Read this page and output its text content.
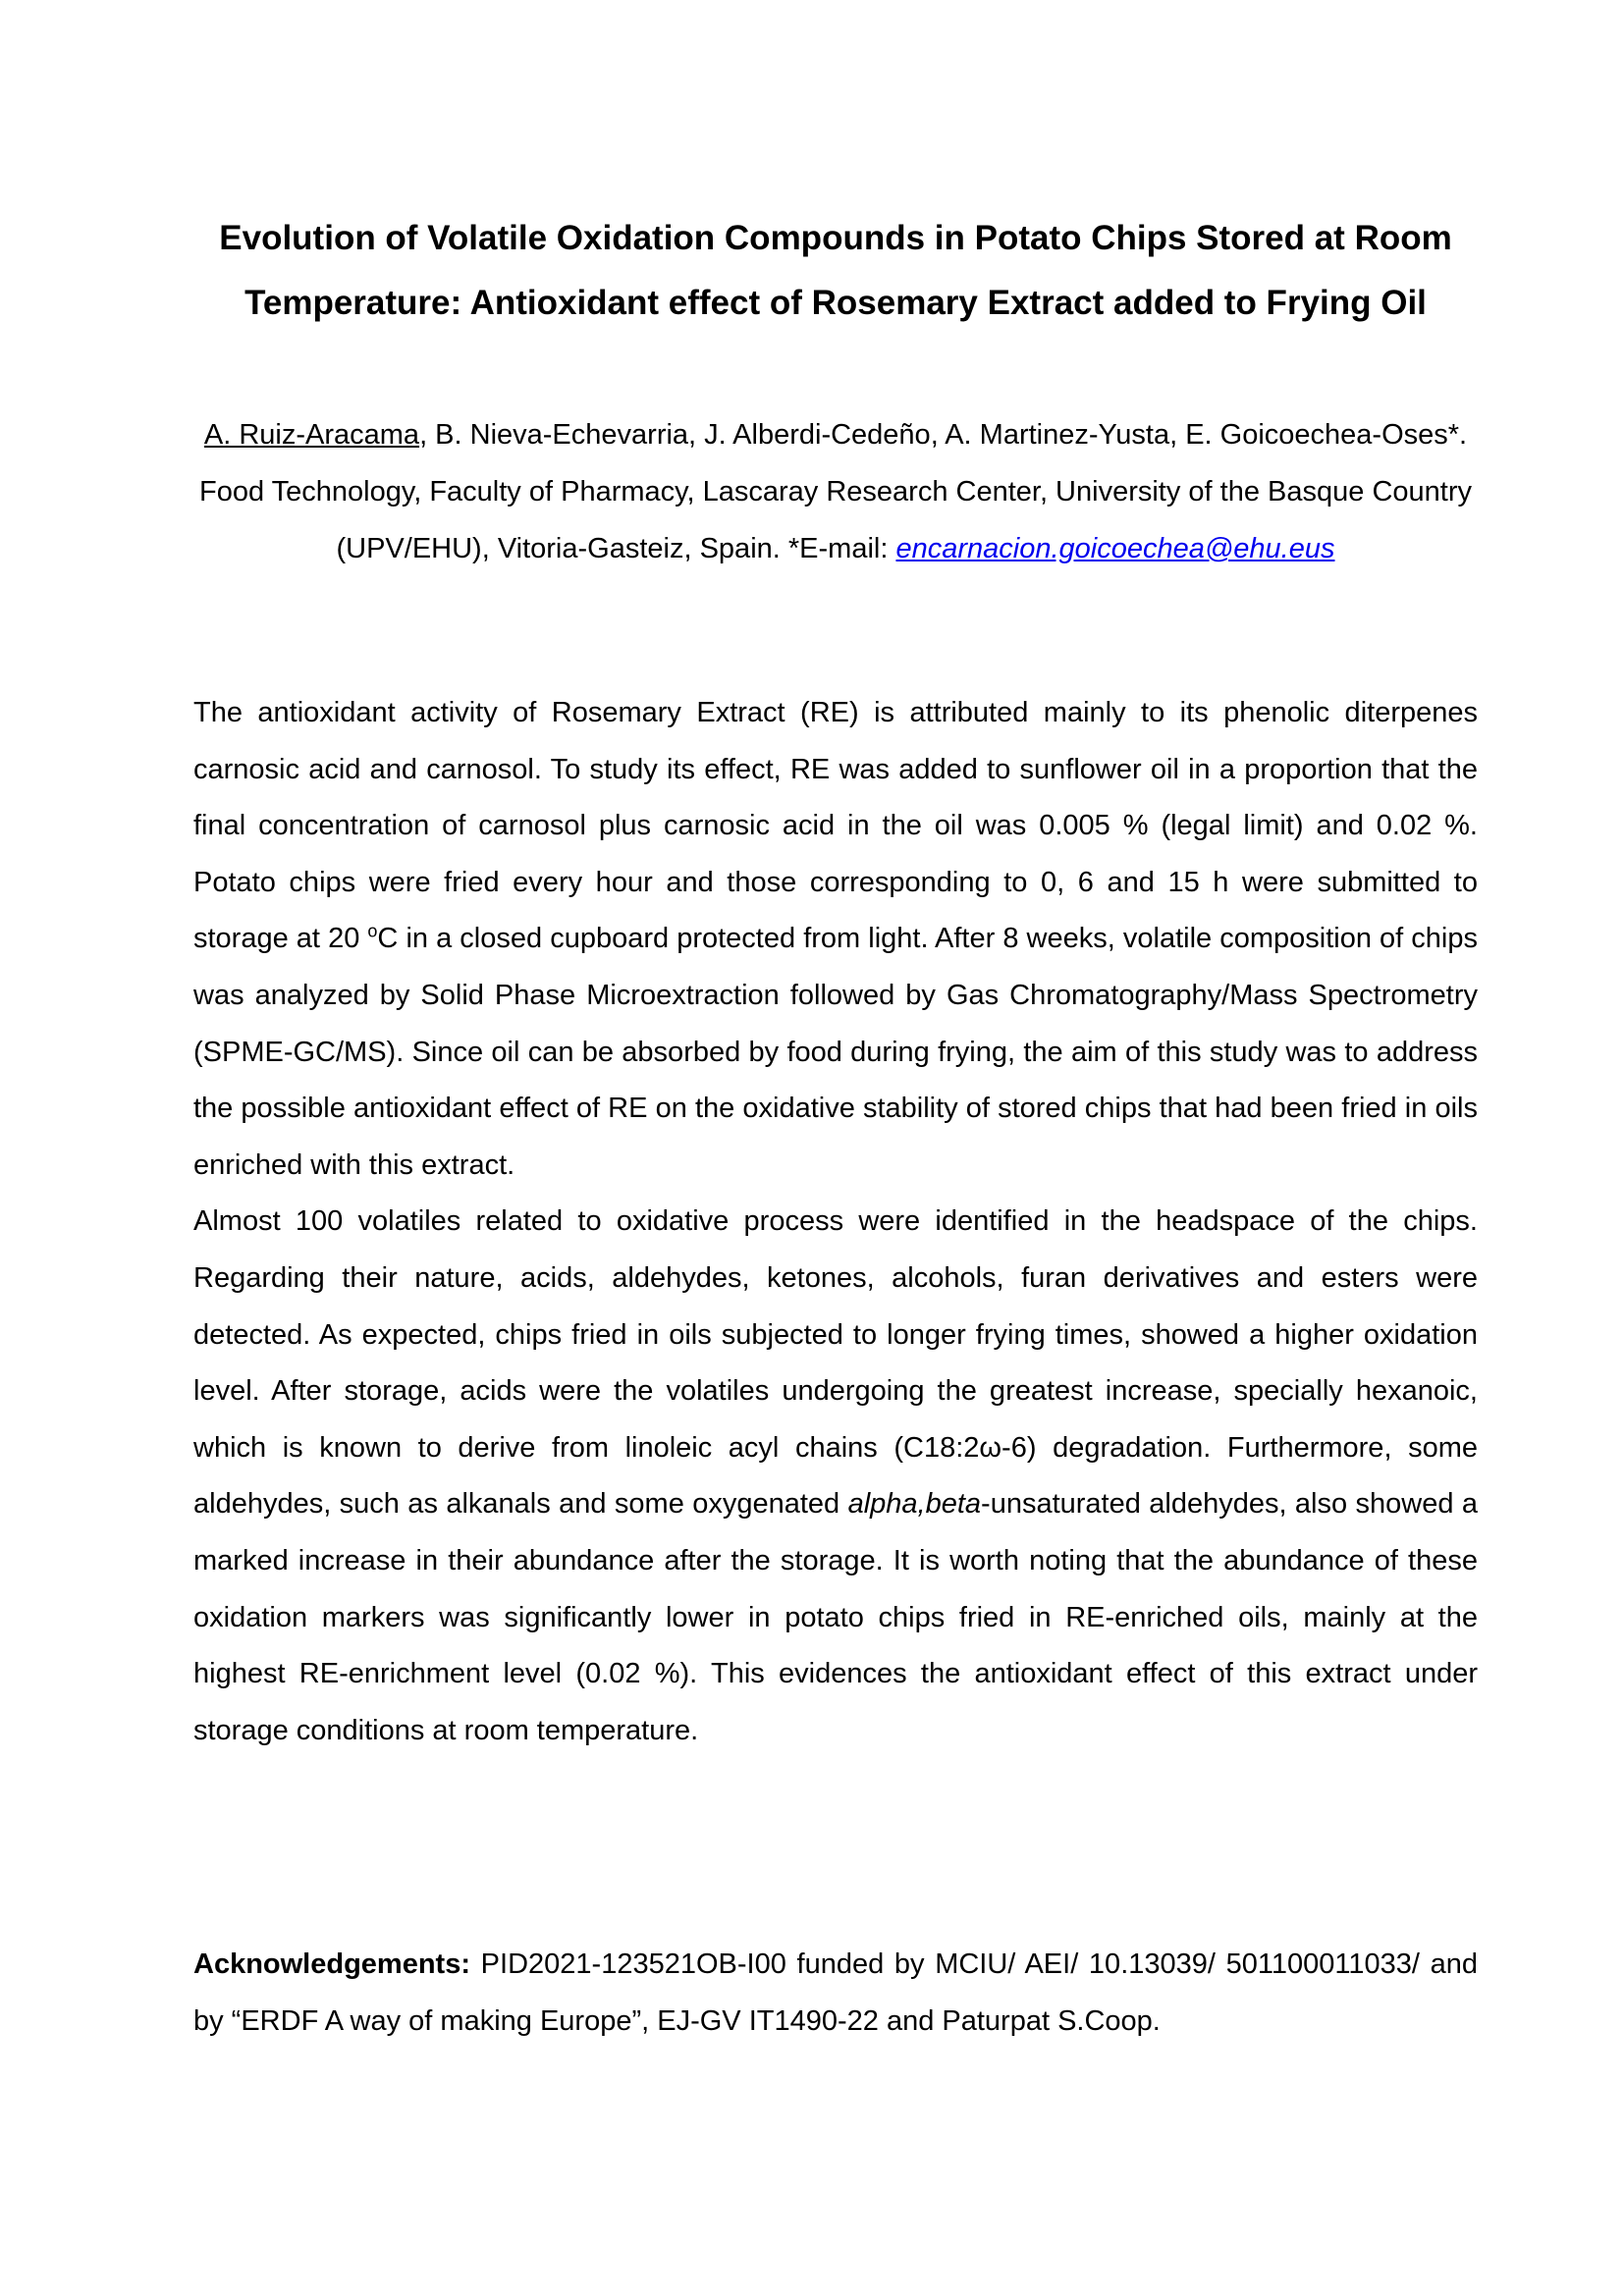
Evolution of Volatile Oxidation Compounds in Potato Chips Stored at Room Temperature: Antioxidant effect of Rosemary Extract added to Frying Oil
A. Ruiz-Aracama, B. Nieva-Echevarria, J. Alberdi-Cedeño, A. Martinez-Yusta, E. Goicoechea-Oses*. Food Technology, Faculty of Pharmacy, Lascaray Research Center, University of the Basque Country (UPV/EHU), Vitoria-Gasteiz, Spain. *E-mail: encarnacion.goicoechea@ehu.eus

The antioxidant activity of Rosemary Extract (RE) is attributed mainly to its phenolic diterpenes carnosic acid and carnosol. To study its effect, RE was added to sunflower oil in a proportion that the final concentration of carnosol plus carnosic acid in the oil was 0.005 % (legal limit) and 0.02 %. Potato chips were fried every hour and those corresponding to 0, 6 and 15 h were submitted to storage at 20 $^o$C in a closed cupboard protected from light. After 8 weeks, volatile composition of chips was analyzed by Solid Phase Microextraction followed by Gas Chromatography/Mass Spectrometry (SPME-GC/MS). Since oil can be absorbed by food during frying, the aim of this study was to address the possible antioxidant effect of RE on the oxidative stability of stored chips that had been fried in oils enriched with this extract.

Almost 100 volatiles related to oxidative process were identified in the headspace of the chips. Regarding their nature, acids, aldehydes, ketones, alcohols, furan derivatives and esters were detected. As expected, chips fried in oils subjected to longer frying times, showed a higher oxidation level. After storage, acids were the volatiles undergoing the greatest increase, specially hexanoic, which is known to derive from linoleic acyl chains (C18:2ω-6) degradation. Furthermore, some aldehydes, such as alkanals and some oxygenated alpha,beta-unsaturated aldehydes, also showed a marked increase in their abundance after the storage. It is worth noting that the abundance of these oxidation markers was significantly lower in potato chips fried in RE-enriched oils, mainly at the highest RE-enrichment level (0.02 %). This evidences the antioxidant effect of this extract under storage conditions at room temperature.

Acknowledgements: PID2021-123521OB-I00 funded by MCIU/ AEI/ 10.13039/ 501100011033/ and by “ERDF A way of making Europe”, EJ-GV IT1490-22 and Paturpat S.Coop.
